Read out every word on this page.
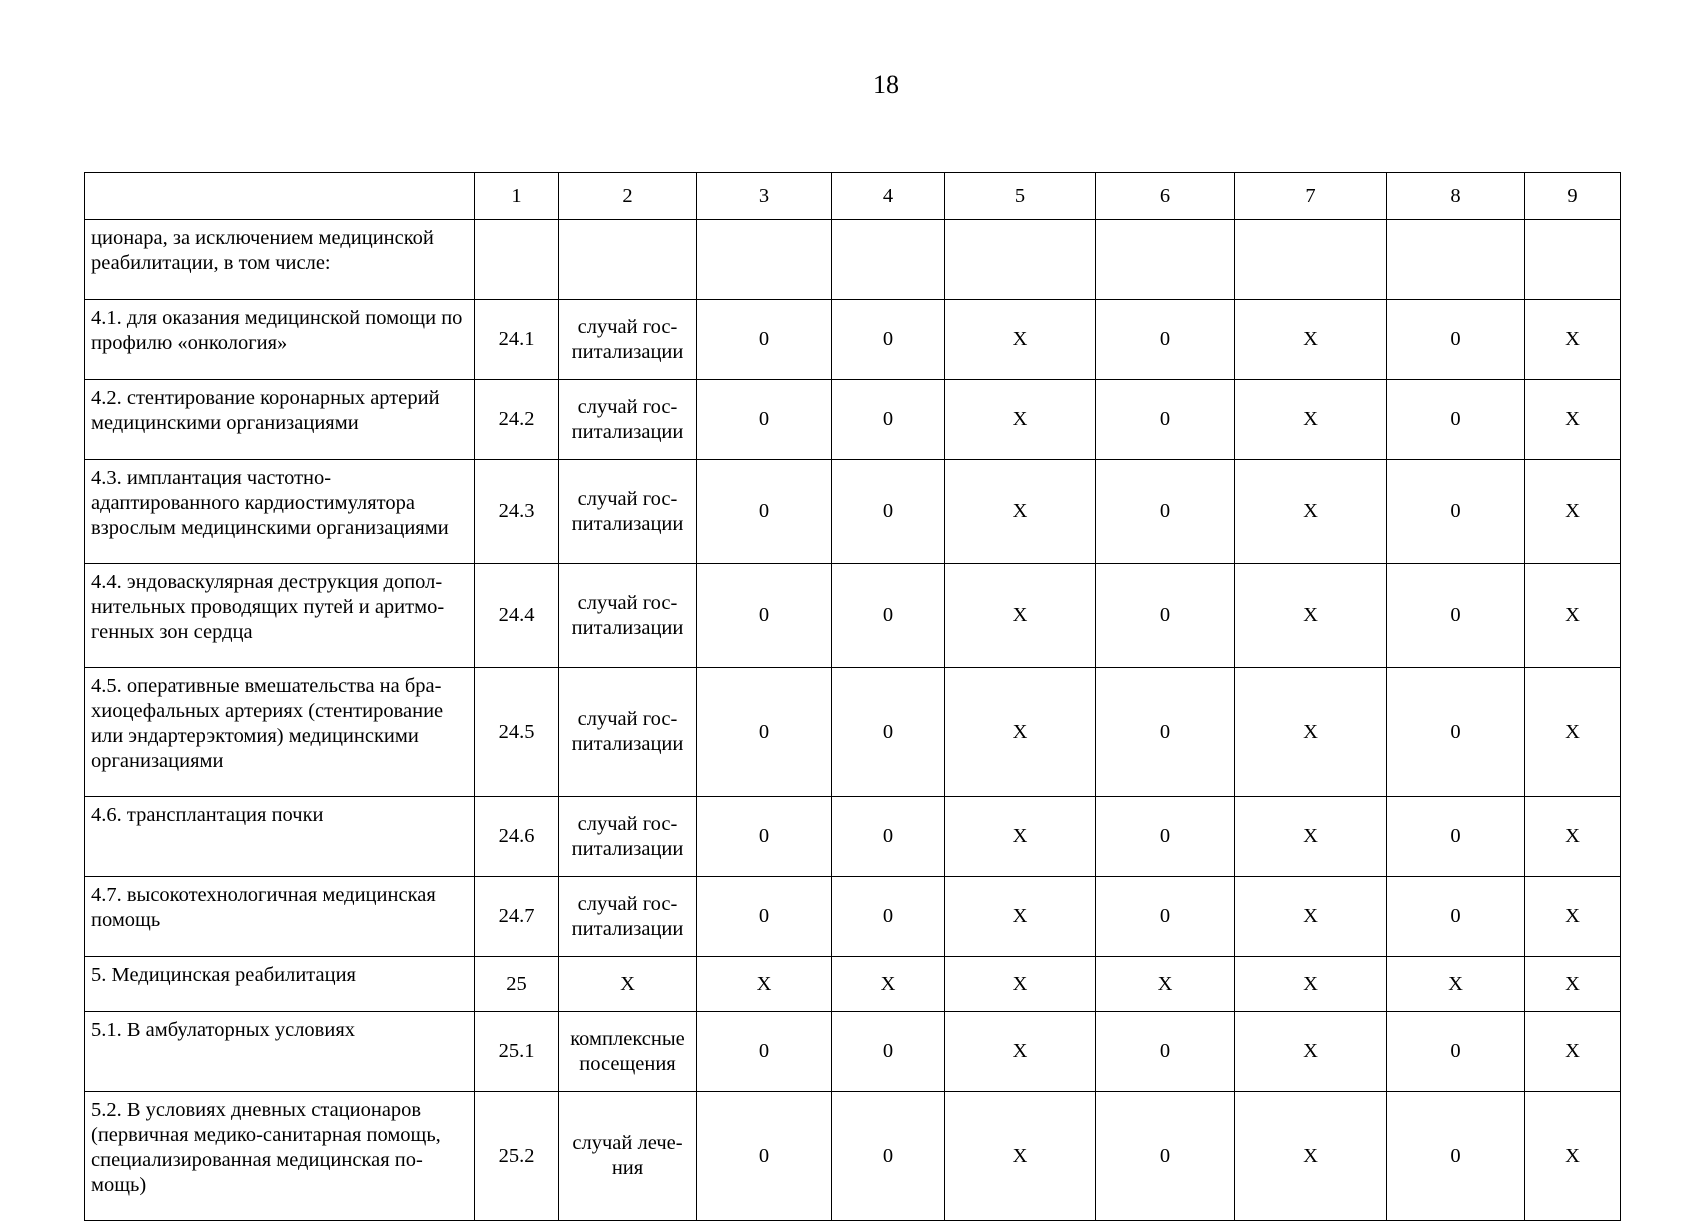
18
	1	2	3	4	5	6	7	8	9
ционара, за исключением медицинской реабилитации, в том числе:									
4.1. для оказания медицинской помощи по профилю «онкология»	24.1	случай гос-питализации	0	0	X	0	X	0	X
4.2. стентирование коронарных артерий медицинскими организациями	24.2	случай гос-питализации	0	0	X	0	X	0	X
4.3. имплантация частотно-адаптированного кардиостимулятора взрослым медицинскими организациями	24.3	случай гос-питализации	0	0	X	0	X	0	X
4.4. эндоваскулярная деструкция допол-нительных проводящих путей и аритмо-генных зон сердца	24.4	случай гос-питализации	0	0	X	0	X	0	X
4.5. оперативные вмешательства на бра-хиоцефальных артериях (стентирование или эндартерэктомия) медицинскими организациями	24.5	случай гос-питализации	0	0	X	0	X	0	X
4.6. трансплантация почки	24.6	случай гос-питализации	0	0	X	0	X	0	X
4.7. высокотехнологичная медицинская помощь	24.7	случай гос-питализации	0	0	X	0	X	0	X
5. Медицинская реабилитация	25	X	X	X	X	X	X	X	X
5.1. В амбулаторных условиях	25.1	комплексные посещения	0	0	X	0	X	0	X
5.2. В условиях дневных стационаров (первичная медико-санитарная помощь, специализированная медицинская по-мощь)	25.2	случай лече-ния	0	0	X	0	X	0	X
